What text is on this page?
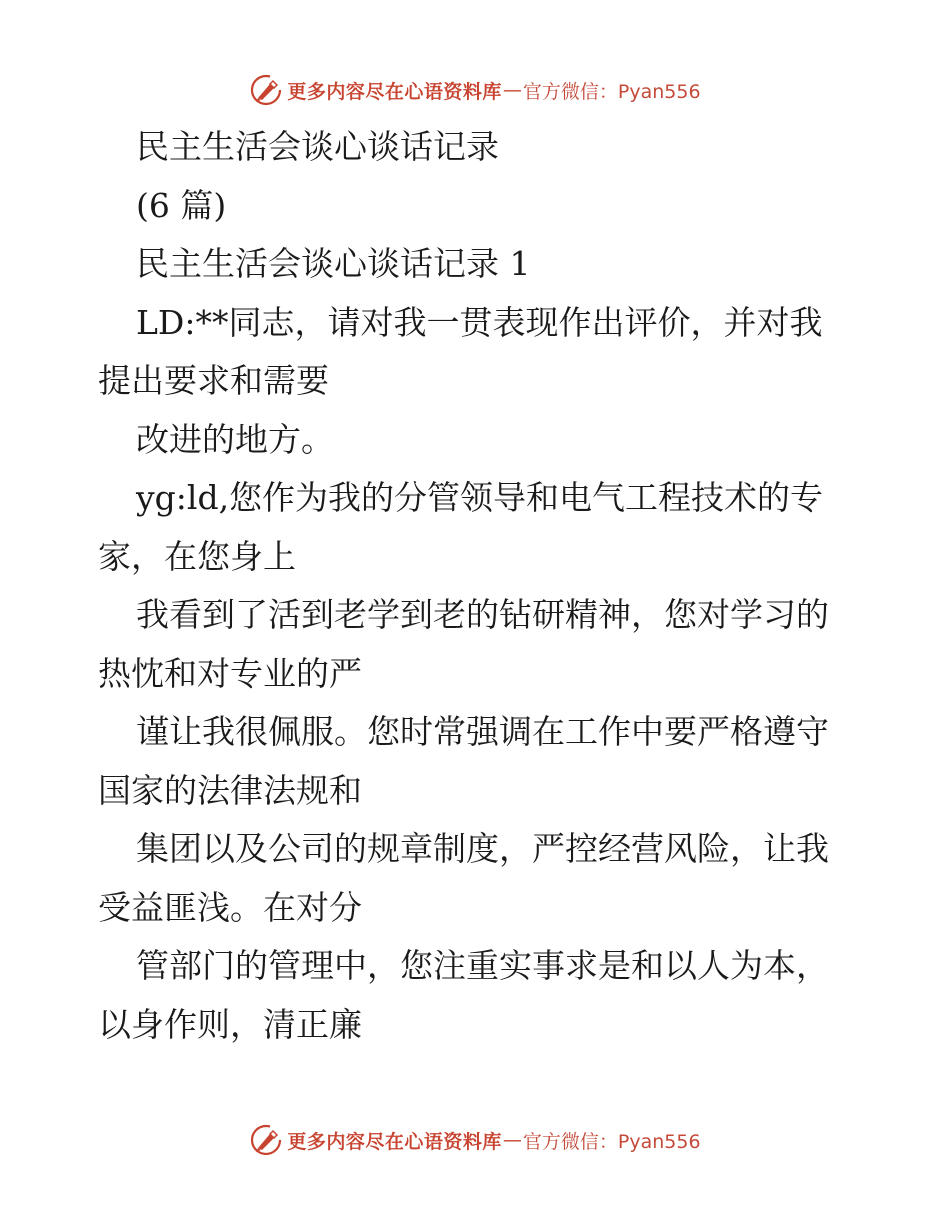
更多内容尽在心语资料库 — 官方微信：Pyan556

民主生活会谈心谈话记录

(6 篇)

民主生活会谈心谈话记录 1

LD:**同志，请对我一贯表现作出评价，并对我

提出要求和需要

改进的地方。

yg:ld,您作为我的分管领导和电气工程技术的专

家，在您身上

我看到了活到老学到老的钻研精神，您对学习的

热忱和对专业的严

谨让我很佩服。您时常强调在工作中要严格遵守

国家的法律法规和

集团以及公司的规章制度，严控经营风险，让我

受益匪浅。在对分

管部门的管理中，您注重实事求是和以人为本，

以身作则，清正廉

更多内容尽在心语资料库 — 官方微信：Pyan556
